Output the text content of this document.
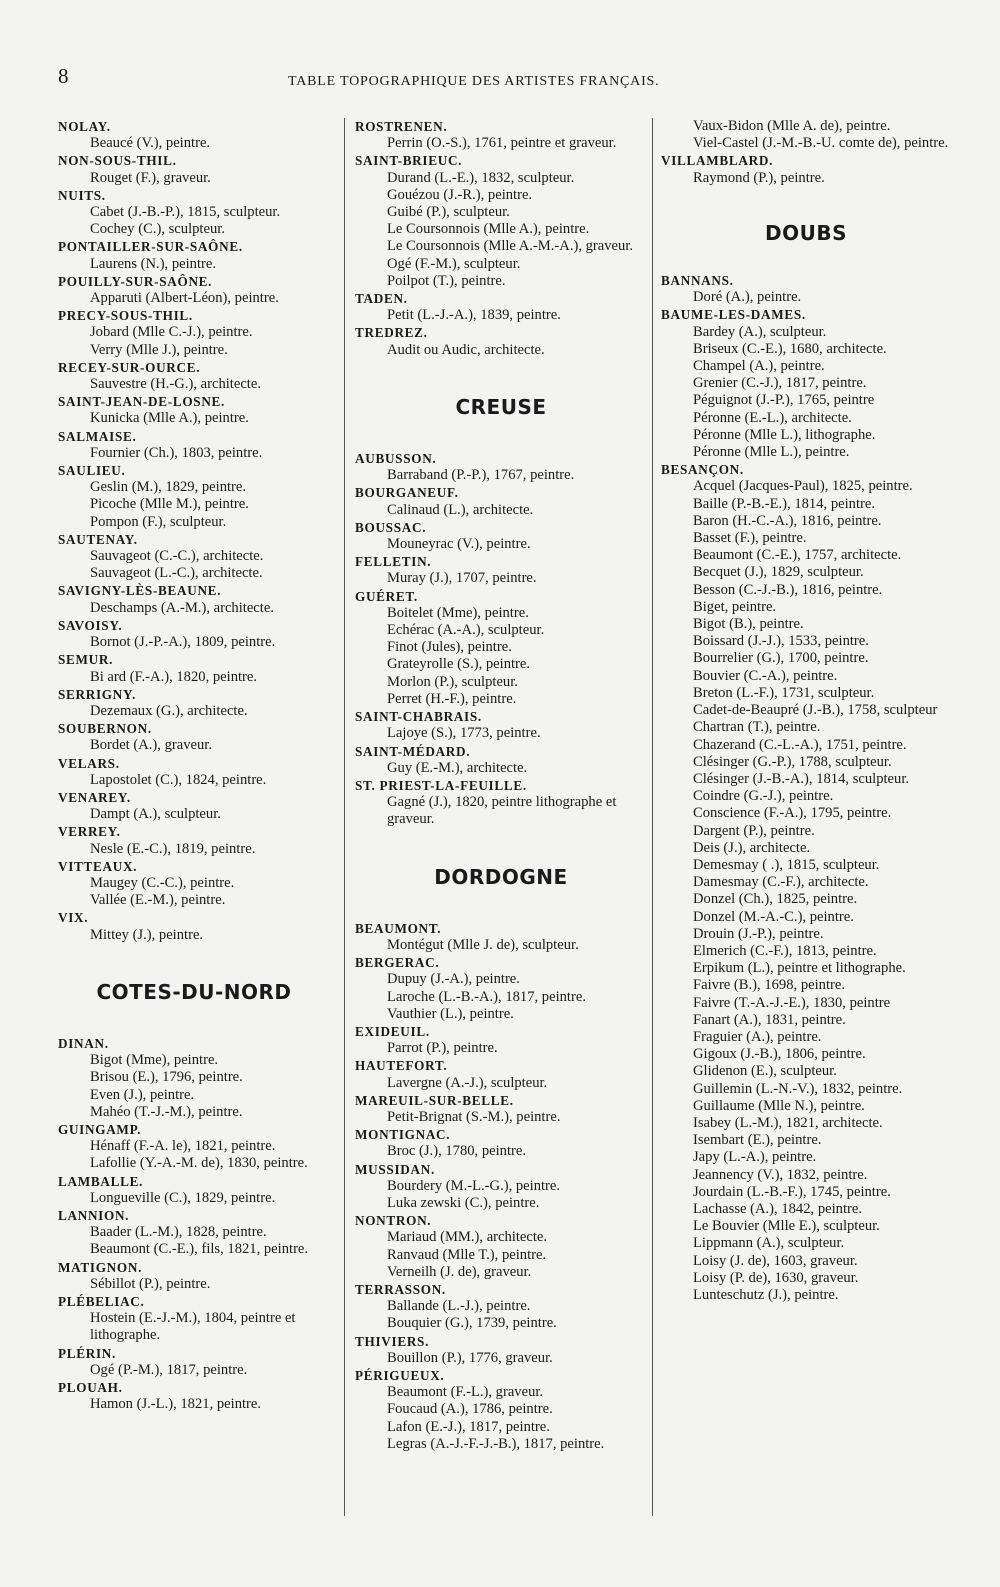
8	TABLE TOPOGRAPHIQUE DES ARTISTES FRANÇAIS.
NOLAY.
Beaucé (V.), peintre.
NON-SOUS-THIL.
Rouget (F.), graveur.
NUITS.
Cabet (J.-B.-P.), 1815, sculpteur.
Cochey (C.), sculpteur.
PONTAILLER-SUR-SAÔNE.
Laurens (N.), peintre.
POUILLY-SUR-SAÔNE.
Apparuti (Albert-Léon), peintre.
PRECY-SOUS-THIL.
Jobard (Mlle C.-J.), peintre.
Verry (Mlle J.), peintre.
RECEY-SUR-OURCE.
Sauvestre (H.-G.), architecte.
SAINT-JEAN-DE-LOSNE.
Kunicka (Mlle A.), peintre.
SALMAISE.
Fournier (Ch.), 1803, peintre.
SAULIEU.
Geslin (M.), 1829, peintre.
Picoche (Mlle M.), peintre.
Pompon (F.), sculpteur.
SAUTENAY.
Sauvageot (C.-C.), architecte.
Sauvageot (L.-C.), architecte.
SAVIGNY-LÈS-BEAUNE.
Deschamps (A.-M.), architecte.
SAVOISY.
Bornot (J.-P.-A.), 1809, peintre.
SEMUR.
Bi ard (F.-A.), 1820, peintre.
SERRIGNY.
Dezemaux (G.), architecte.
SOUBERNON.
Bordet (A.), graveur.
VELARS.
Lapostolet (C.), 1824, peintre.
VENAREY.
Dampt (A.), sculpteur.
VERREY.
Nesle (E.-C.), 1819, peintre.
VITTEAUX.
Maugey (C.-C.), peintre.
Vallée (E.-M.), peintre.
VIX.
Mittey (J.), peintre.
COTES-DU-NORD
DINAN.
Bigot (Mme), peintre.
Brisou (E.), 1796, peintre.
Even (J.), peintre.
Mahéo (T.-J.-M.), peintre.
GUINGAMP.
Hénaff (F.-A. le), 1821, peintre.
Lafollie (Y.-A.-M. de), 1830, peintre.
LAMBALLE.
Longueville (C.), 1829, peintre.
LANNION.
Baader (L.-M.), 1828, peintre.
Beaumont (C.-E.), fils, 1821, peintre.
MATIGNON.
Sébillot (P.), peintre.
PLÉBELIAC.
Hostein (E.-J.-M.), 1804, peintre et lithographe.
PLÉRIN.
Ogé (P.-M.), 1817, peintre.
PLOUAH.
Hamon (J.-L.), 1821, peintre.
ROSTRENEN.
Perrin (O.-S.), 1761, peintre et graveur.
SAINT-BRIEUC.
Durand (L.-E.), 1832, sculpteur.
Gouézou (J.-R.), peintre.
Guibé (P.), sculpteur.
Le Coursonnois (Mlle A.), peintre.
Le Coursonnois (Mlle A.-M.-A.), graveur.
Ogé (F.-M.), sculpteur.
Poilpot (T.), peintre.
TADEN.
Petit (L.-J.-A.), 1839, peintre.
TREDREZ.
Audit ou Audic, architecte.
CREUSE
AUBUSSON.
Barraband (P.-P.), 1767, peintre.
BOURGANEUF.
Calinaud (L.), architecte.
BOUSSAC.
Mouneyrac (V.), peintre.
FELLETIN.
Muray (J.), 1707, peintre.
GUÉRET.
Boitelet (Mme), peintre.
Echérac (A.-A.), sculpteur.
Finot (Jules), peintre.
Grateyrolle (S.), peintre.
Morlon (P.), sculpteur.
Perret (H.-F.), peintre.
SAINT-CHABRAIS.
Lajoye (S.), 1773, peintre.
SAINT-MÉDARD.
Guy (E.-M.), architecte.
ST. PRIEST-LA-FEUILLE.
Gagné (J.), 1820, peintre lithographe et graveur.
DORDOGNE
BEAUMONT.
Montégut (Mlle J. de), sculpteur.
BERGERAC.
Dupuy (J.-A.), peintre.
Laroche (L.-B.-A.), 1817, peintre.
Vauthier (L.), peintre.
EXIDEUIL.
Parrot (P.), peintre.
HAUTEFORT.
Lavergne (A.-J.), sculpteur.
MAREUIL-SUR-BELLE.
Petit-Brignat (S.-M.), peintre.
MONTIGNAC.
Broc (J.), 1780, peintre.
MUSSIDAN.
Bourdery (M.-L.-G.), peintre.
Luka zewski (C.), peintre.
NONTRON.
Mariaud (MM.), architecte.
Ranvaud (Mlle T.), peintre.
Verneilh (J. de), graveur.
TERRASSON.
Ballande (L.-J.), peintre.
Bouquier (G.), 1739, peintre.
THIVIERS.
Bouillon (P.), 1776, graveur.
PÉRIGUEUX.
Beaumont (F.-L.), graveur.
Foucaud (A.), 1786, peintre.
Lafon (E.-J.), 1817, peintre.
Legras (A.-J.-F.-J.-B.), 1817, peintre.
Vaux-Bidon (Mlle A. de), peintre.
Viel-Castel (J.-M.-B.-U. comte de), peintre.
VILLAMBLARD.
Raymond (P.), peintre.
DOUBS
BANNANS.
Doré (A.), peintre.
BAUME-LES-DAMES.
Bardey (A.), sculpteur.
Briseux (C.-E.), 1680, architecte.
Champel (A.), peintre.
Grenier (C.-J.), 1817, peintre.
Péguignot (J.-P.), 1765, peintre
Péronne (E.-L.), architecte.
Péronne (Mlle L.), lithographe.
Péronne (Mlle L.), peintre.
BESANÇON.
Acquel (Jacques-Paul), 1825, peintre.
Baille (P.-B.-E.), 1814, peintre.
Baron (H.-C.-A.), 1816, peintre.
Basset (F.), peintre.
Beaumont (C.-E.), 1757, architecte.
Becquet (J.), 1829, sculpteur.
Besson (C.-J.-B.), 1816, peintre.
Biget, peintre.
Bigot (B.), peintre.
Boissard (J.-J.), 1533, peintre.
Bourrelier (G.), 1700, peintre.
Bouvier (C.-A.), peintre.
Breton (L.-F.), 1731, sculpteur.
Cadet-de-Beaupré (J.-B.), 1758, sculpteur
Chartran (T.), peintre.
Chazerand (C.-L.-A.), 1751, peintre.
Clésinger (G.-P.), 1788, sculpteur.
Clésinger (J.-B.-A.), 1814, sculpteur.
Coindre (G.-J.), peintre.
Conscience (F.-A.), 1795, peintre.
Dargent (P.), peintre.
Deis (J.), architecte.
Demesmay ( .), 1815, sculpteur.
Damesmay (C.-F.), architecte.
Donzel (Ch.), 1825, peintre.
Donzel (M.-A.-C.), peintre.
Drouin (J.-P.), peintre.
Elmerich (C.-F.), 1813, peintre.
Erpikum (L.), peintre et lithographe.
Faivre (B.), 1698, peintre.
Faivre (T.-A.-J.-E.), 1830, peintre
Fanart (A.), 1831, peintre.
Fraguier (A.), peintre.
Gigoux (J.-B.), 1806, peintre.
Glidenon (E.), sculpteur.
Guillemin (L.-N.-V.), 1832, peintre.
Guillaume (Mlle N.), peintre.
Isabey (L.-M.), 1821, architecte.
Isembart (E.), peintre.
Japy (L.-A.), peintre.
Jeannency (V.), 1832, peintre.
Jourdain (L.-B.-F.), 1745, peintre.
Lachasse (A.), 1842, peintre.
Le Bouvier (Mlle E.), sculpteur.
Lippmann (A.), sculpteur.
Loisy (J. de), 1603, graveur.
Loisy (P. de), 1630, graveur.
Lunteschutz (J.), peintre.
